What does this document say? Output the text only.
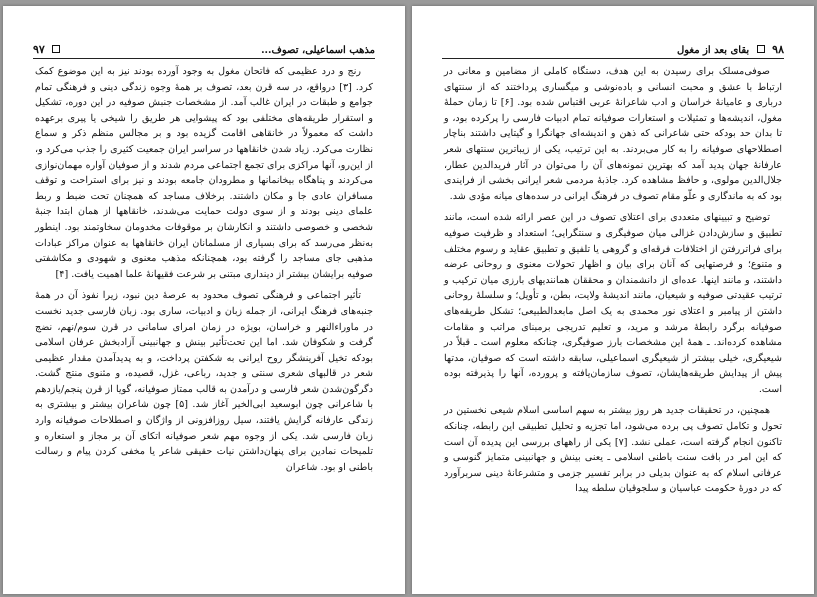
مذهب اسماعیلی، تصوف...
۹۷

رنج و درد عظیمی که فاتحان مغول به وجود آورده بودند نیز به این موضوع کمک کرد. [۳] درواقع، در سه قرن بعد، تصوف بر همهٔ وجوه زندگی دینی و فرهنگی تمام جوامع و طبقات در ایران غالب آمد. از مشخصات جنبش صوفیه در این دوره، تشکیل و استقرار طریقه‌های مختلفی بود که پیشوایی هر طریق را شیخی یا پیری برعهده داشت که معمولاً در خانقاهی اقامت گزیده بود و بر مجالس منظم ذکر و سماع نظارت می‌کرد. زیاد شدن خانقاهها در سراسر ایران جمعیت کثیری را جذب می‌کرد و، از این‌رو، آنها مراکزی برای تجمع اجتماعی مردم شدند و از صوفیان آواره مهمان‌نوازی می‌کردند و پناهگاه بیخانمانها و مطرودان جامعه بودند و نیز برای استراحت و توقف مسافران عادی جا و مکان داشتند. برخلاف مساجد که همچنان تحت ضبط و ربط علمای دینی بودند و از سوی دولت حمایت می‌شدند، خانقاهها از همان ابتدا جنبهٔ شخصی و خصوصی داشتند و انکارشان بر موقوفات مخدومان سخاوتمند بود. اینطور به‌نظر می‌رسد که برای بسیاری از مسلمانان ایران خانقاهها به عنوان مراکز عبادات مذهبی جای مساجد را گرفته بود، همچنانکه مذهب معنوی و شهودی و مکاشفتی صوفیه برایشان بیشتر از دینداری مبتنی بر شرعت فقیهانهٔ علما اهمیت یافت. [۴]

تأثیر اجتماعی و فرهنگی تصوف محدود به عرصهٔ دین نبود، زیرا نفوذ آن در همهٔ جنبه‌های فرهنگ ایرانی، از جمله زبان و ادبیات، ساری بود. زبان فارسی جدید نخست در ماوراءالنهر و خراسان، بویژه در زمان امرای سامانی در قرن سوم/نهم، نضج گرفت و شکوفان شد. اما این تحت‌تأثیر بینش و جهانبینی آزادبخش عرفان اسلامی بودکه تخیل آفرینشگر روح ایرانی به شکفتن پرداخت، و به پدیدآمدن مقدار عظیمی شعر در قالبهای شعری سنتی و جدید، رباعی، غزل، قصیده، و مثنوی منتج گشت. دگرگون‌شدن شعر فارسی و درآمدن به قالب ممتاز صوفیانه، گویا از قرن پنجم/یازدهم با شاعرانی چون ابوسعید ابی‌الخیر آغاز شد. [۵] چون شاعران بیشتر و بیشتری به زندگی عارفانه گرایش یافتند، سیل روزافزونی از واژگان و اصطلاحات صوفیانه وارد زبان فارسی شد. یکی از وجوه مهم شعر صوفیانه اتکای آن بر مجاز و استعاره و تلمیحات نمادین برای پنهان‌داشتن نیات حقیقی شاعر یا مخفی کردن پیام و رسالت باطنی او بود. شاعران

۹۸  بقای بعد از مغول

صوفی‌مسلک برای رسیدن به این هدف، دستگاه کاملی از مضامین و معانی در ارتباط با عشق و محبت انسانی و باده‌نوشی و میگساری پرداختند که از سنتهای درباری و عامیانهٔ خراسان و ادب شاعرانهٔ عربی اقتباس شده بود. [۶] تا زمان حملهٔ مغول، اندیشه‌ها و تمثیلات و استعارات صوفیانه تمام ادبیات فارسی را پرکرده بود، و تا بدان حد بودکه حتی شاعرانی که ذهن و اندیشه‌ای جهانگرا و گیتایی داشتند بناچار اصطلاحهای صوفیانه را به کار می‌بردند. به این ترتیب، یکی از زیباترین سنتهای شعر عارفانهٔ جهان پدید آمد که بهترین نمونه‌های آن را می‌توان در آثار فریدالدین عطار، جلال‌الدین مولوی، و حافظ مشاهده کرد. جاذبهٔ مردمی شعر ایرانی بخشی از فرایندی بود که به ماندگاری و علّو مقام تصوف در فرهنگ ایرانی در سده‌های میانه مؤدی شد.

توضیح و تبیینهای متعددی برای اعتلای تصوف در این عصر ارائه شده است، مانند تطبیق و سازش‌دادن غزالی میان صوفیگری و سنتگرایی؛ استعداد و ظرفیت صوفیه برای فراتررفتن از اختلافات فرقه‌ای و گروهی یا تلفیق و تطبیق عقاید و رسوم مختلف و متنوع؛ و فرصتهایی که آنان برای بیان و اظهار تحولات معنوی و روحانی عرضه داشتند، و مانند اینها. عده‌ای از دانشمندان و محققان همانندیهای بارزی میان ترکیب و ترتیب عقیدتی صوفیه و شیعیان، مانند اندیشهٔ ولایت، بطن، و تأویل؛ و سلسلهٔ روحانی داشتن از پیامبر و اعتلای نور محمدی به یک اصل مابعدالطبیعی؛ تشکل طریقه‌های صوفیانه برگرد رابطهٔ مرشد و مرید، و تعلیم تدریجی برمبنای مراتب و مقامات مشاهده کرده‌اند. ـ همهٔ این مشخصات بارز صوفیگری، چنانکه معلوم است ـ قبلاً در شیعیگری، خیلی بیشتر از شیعیگری اسماعیلی، سابقه داشته است که صوفیان، مدتها پیش از پیدایش طریقه‌هایشان، تصوف سازمان‌یافته و پرورده، آنها را پذیرفته بوده است.

همچنین، در تحقیقات جدید هر روز بیشتر به سهم اساسی اسلام شیعی نخستین در تحول و تکامل تصوف پی برده می‌شود، اما تجزیه و تحلیل تطبیقی این رابطه، چنانکه تاکنون انجام گرفته است، عملی نشد. [۷] یکی از راههای بررسی این پدیده آن است که این امر در بافت سنت باطنی اسلامی ـ یعنی بینش و جهانبینی متمایز گنوسی و عرفانی اسلام که به عنوان بدیلی در برابر تفسیر جزمی و متشرعانهٔ دینی سربرآورد که در دورهٔ حکومت عباسیان و سلجوقیان سلطه پیدا
